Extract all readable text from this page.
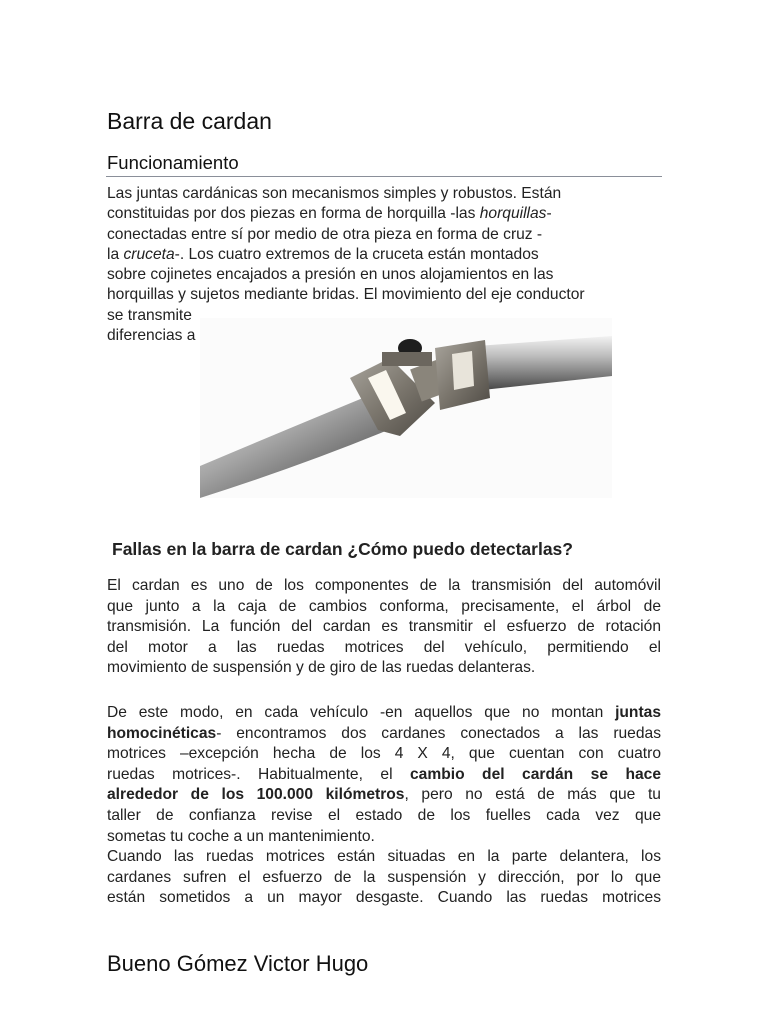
Barra de cardan
Funcionamiento

Las juntas cardánicas son mecanismos simples y robustos. Están
constituidas por dos piezas en forma de horquilla -las horquillas-
conectadas entre sí por medio de otra pieza en forma de cruz -
la cruceta-. Los cuatro extremos de la cruceta están montados
sobre cojinetes encajados a presión en unos alojamientos en las
horquillas y sujetos mediante bridas. El movimiento del eje conductor
se transmite
diferencias a

Fallas en la barra de cardan ¿Cómo puedo detectarlas?

El cardan es uno de los componentes de la transmisión del automóvil
que junto a la caja de cambios conforma, precisamente, el árbol de
transmisión. La función del cardan es transmitir el esfuerzo de rotación
del motor a las ruedas motrices del vehículo, permitiendo el
movimiento de suspensión y de giro de las ruedas delanteras.

De este modo, en cada vehículo -en aquellos que no montan juntas
homocinéticas- encontramos dos cardanes conectados a las ruedas
motrices –excepción hecha de los 4 X 4, que cuentan con cuatro
ruedas motrices-. Habitualmente, el cambio del cardán se hace
alrededor de los 100.000 kilómetros, pero no está de más que tu
taller de confianza revise el estado de los fuelles cada vez que
sometas tu coche a un mantenimiento.
Cuando las ruedas motrices están situadas en la parte delantera, los
cardanes sufren el esfuerzo de la suspensión y dirección, por lo que
están sometidos a un mayor desgaste. Cuando las ruedas motrices

Bueno Gómez Victor Hugo
